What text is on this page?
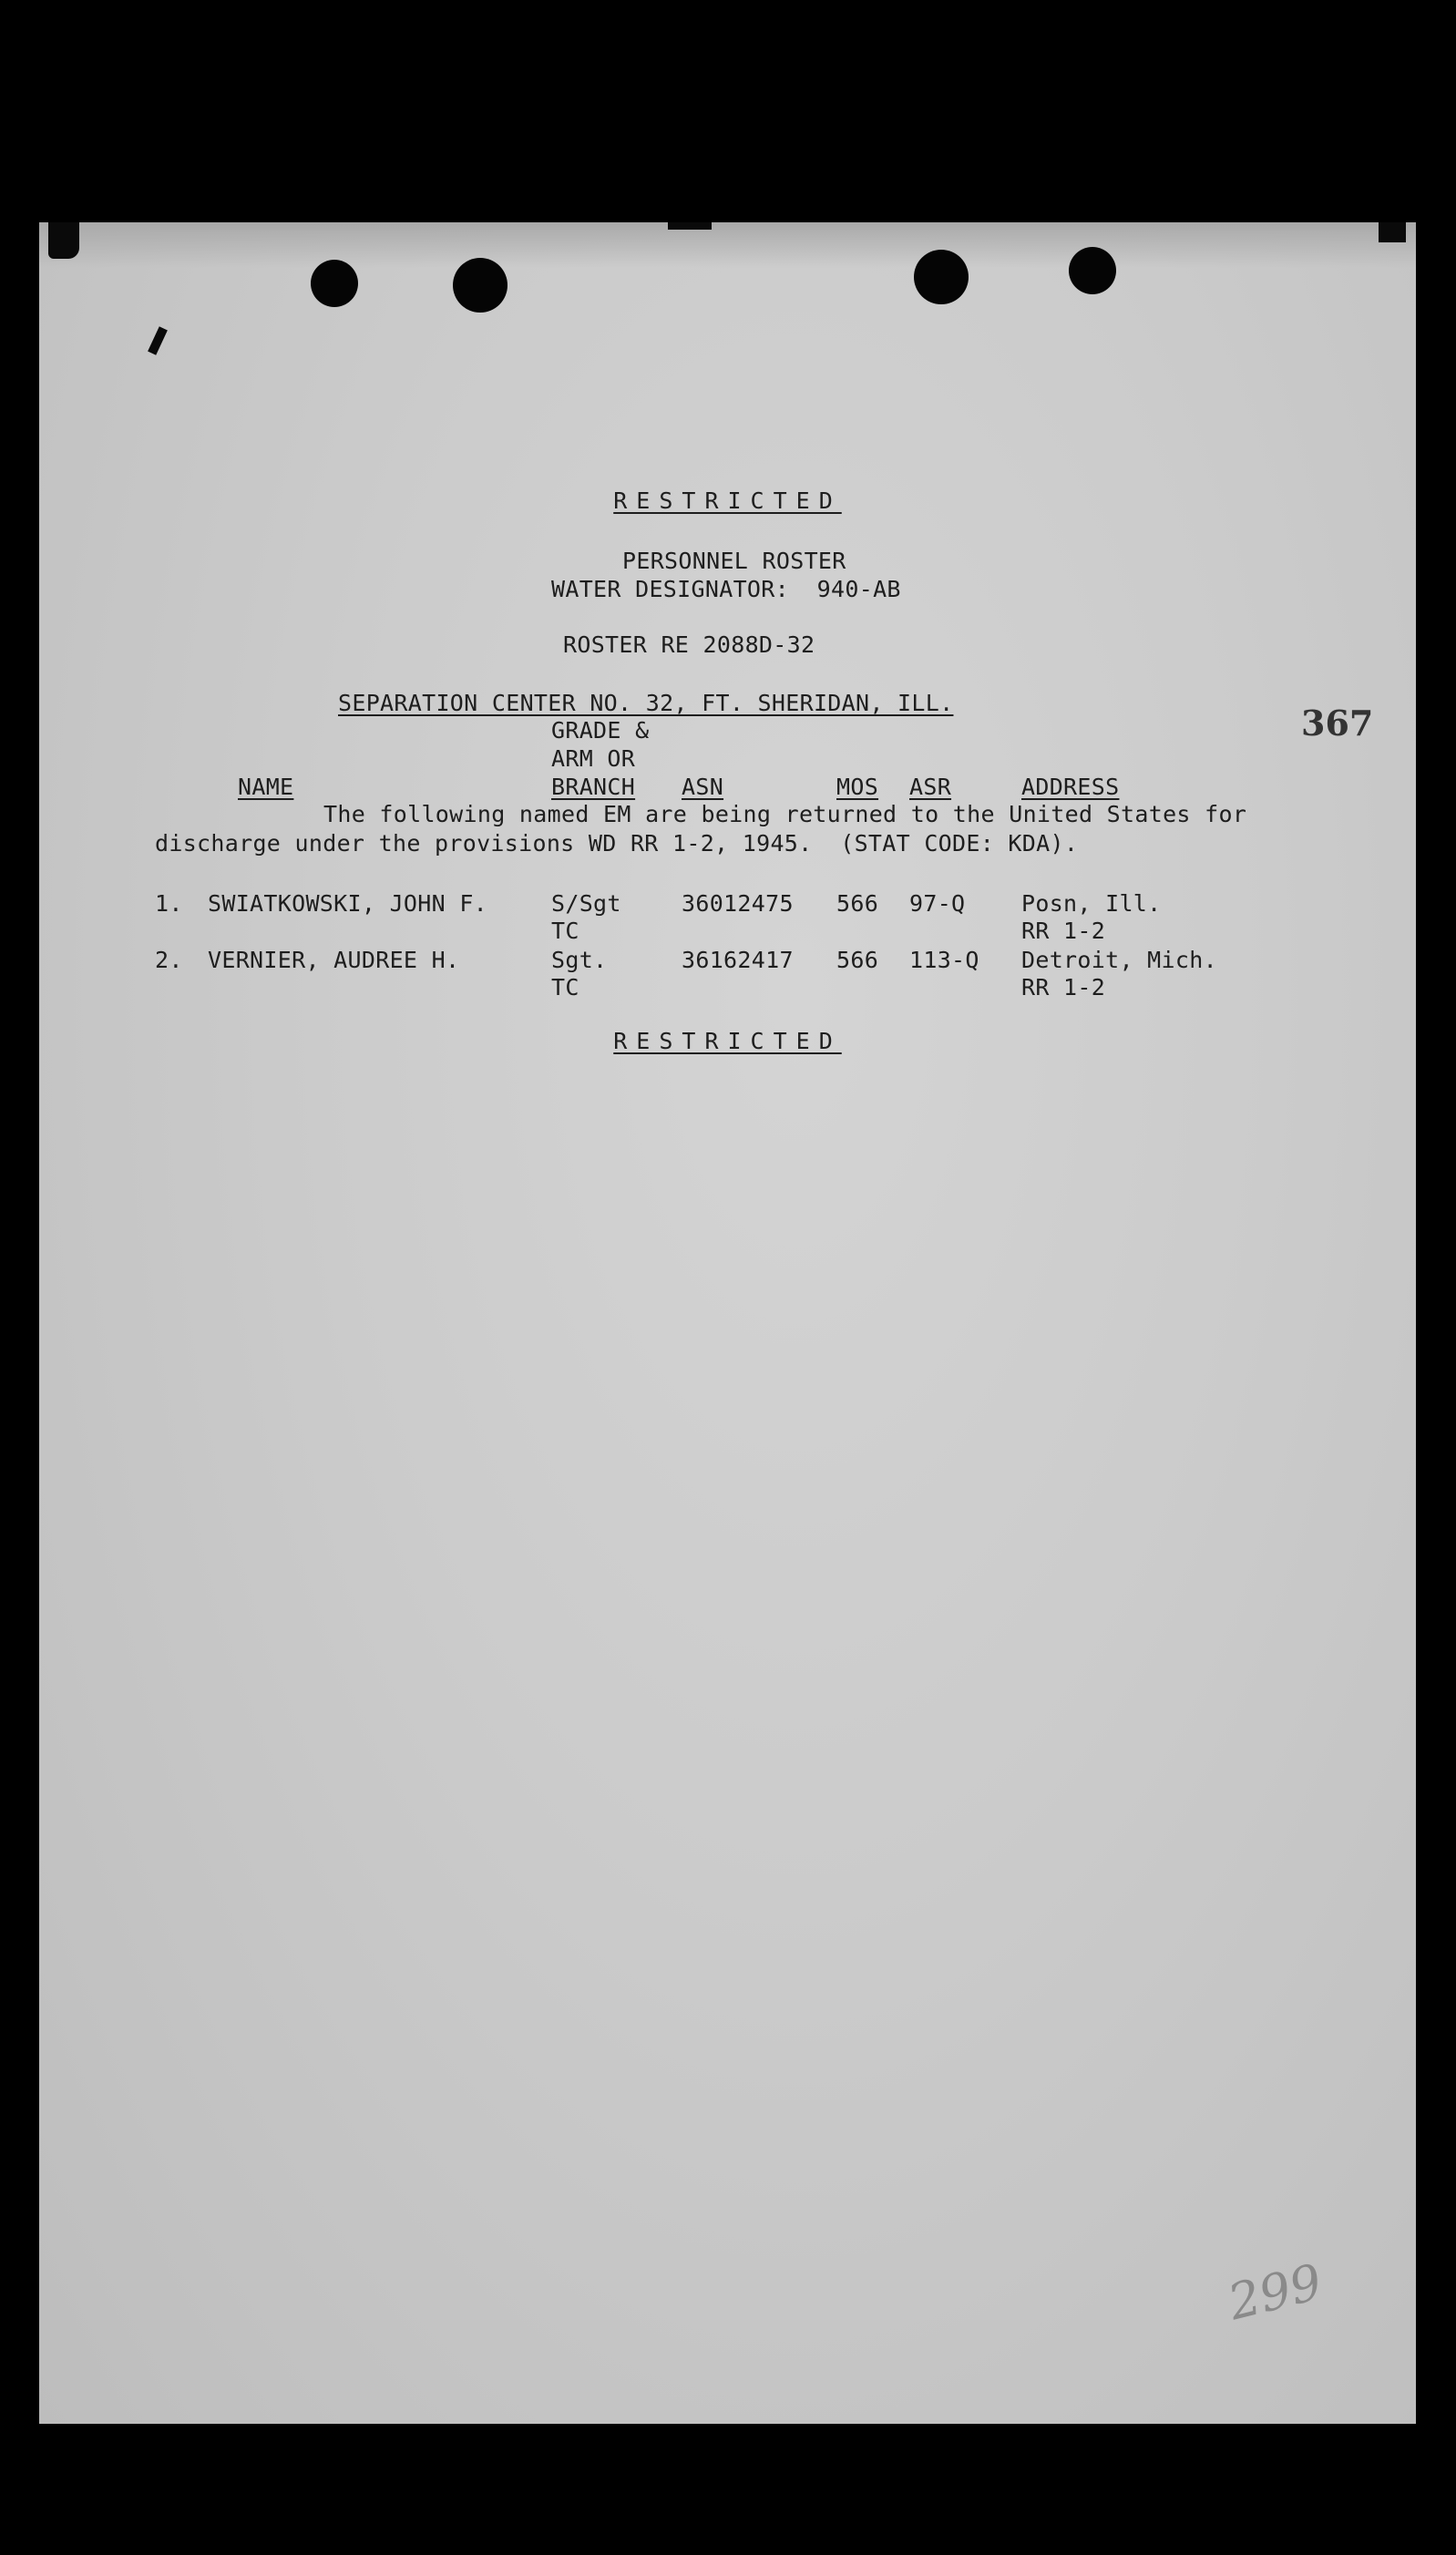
RESTRICTED
PERSONNEL ROSTER
WATER DESIGNATOR:  940-AB
ROSTER RE 2088D-32
SEPARATION CENTER NO. 32, FT. SHERIDAN, ILL.	367
GRADE &
ARM OR
NAME	BRANCH ASN	MOS ASR	ADDRESS
The following named EM are being returned to the United States for
discharge under the provisions WD RR 1-2, 1945.  (STAT CODE: KDA).
1. SWIATKOWSKI, JOHN F.	S/Sgt	36012475 566 97-Q Posn, Ill.
TC	RR 1-2
2. VERNIER, AUDREE H.	Sgt.	36162417 566 113-Q Detroit, Mich.
TC	RR 1-2
RESTRICTED
299
